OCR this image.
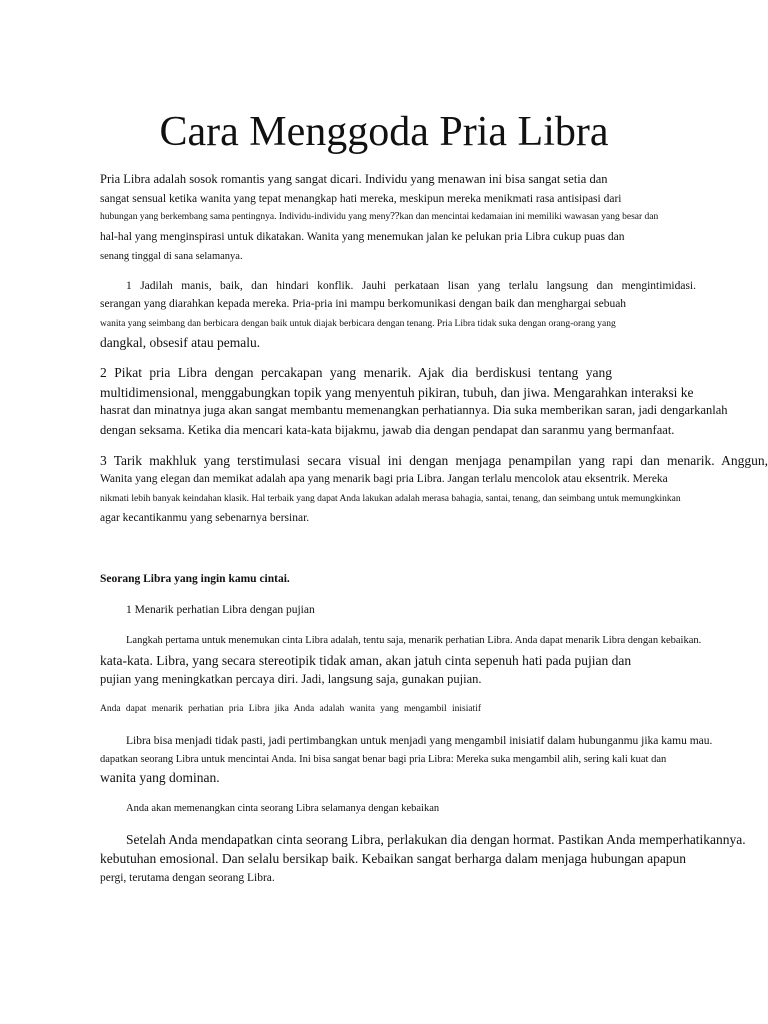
Cara Menggoda Pria Libra
Pria Libra adalah sosok romantis yang sangat dicari. Individu yang menawan ini bisa sangat setia dan
sangat sensual ketika wanita yang tepat menangkap hati mereka, meskipun mereka menikmati rasa antisipasi dari
hubungan yang berkembang sama pentingnya. Individu-individu yang meny⁇kan dan mencintai kedamaian ini memiliki wawasan yang besar dan
hal-hal yang menginspirasi untuk dikatakan. Wanita yang menemukan jalan ke pelukan pria Libra cukup puas dan
senang tinggal di sana selamanya.
1 Jadilah manis, baik, dan hindari konflik. Jauhi perkataan lisan yang terlalu langsung dan mengintimidasi.
serangan yang diarahkan kepada mereka. Pria-pria ini mampu berkomunikasi dengan baik dan menghargai sebuah
wanita yang seimbang dan berbicara dengan baik untuk diajak berbicara dengan tenang. Pria Libra tidak suka dengan orang-orang yang
dangkal, obsesif atau pemalu.
2 Pikat pria Libra dengan percakapan yang menarik. Ajak dia berdiskusi tentang yang
multidimensional, menggabungkan topik yang menyentuh pikiran, tubuh, dan jiwa. Mengarahkan interaksi ke
hasrat dan minatnya juga akan sangat membantu memenangkan perhatiannya. Dia suka memberikan saran, jadi dengarkanlah
dengan seksama. Ketika dia mencari kata-kata bijakmu, jawab dia dengan pendapat dan saranmu yang bermanfaat.
3 Tarik makhluk yang terstimulasi secara visual ini dengan menjaga penampilan yang rapi dan menarik. Anggun,
Wanita yang elegan dan memikat adalah apa yang menarik bagi pria Libra. Jangan terlalu mencolok atau eksentrik. Mereka
nikmati lebih banyak keindahan klasik. Hal terbaik yang dapat Anda lakukan adalah merasa bahagia, santai, tenang, dan seimbang untuk memungkinkan
agar kecantikanmu yang sebenarnya bersinar.
Seorang Libra yang ingin kamu cintai.
1 Menarik perhatian Libra dengan pujian
Langkah pertama untuk menemukan cinta Libra adalah, tentu saja, menarik perhatian Libra. Anda dapat menarik Libra dengan kebaikan.
kata-kata. Libra, yang secara stereotipik tidak aman, akan jatuh cinta sepenuh hati pada pujian dan
pujian yang meningkatkan percaya diri. Jadi, langsung saja, gunakan pujian.
Anda dapat menarik perhatian pria Libra jika Anda adalah wanita yang mengambil inisiatif
Libra bisa menjadi tidak pasti, jadi pertimbangkan untuk menjadi yang mengambil inisiatif dalam hubunganmu jika kamu mau.
dapatkan seorang Libra untuk mencintai Anda. Ini bisa sangat benar bagi pria Libra: Mereka suka mengambil alih, sering kali kuat dan
wanita yang dominan.
Anda akan memenangkan cinta seorang Libra selamanya dengan kebaikan
Setelah Anda mendapatkan cinta seorang Libra, perlakukan dia dengan hormat. Pastikan Anda memperhatikannya.
kebutuhan emosional. Dan selalu bersikap baik. Kebaikan sangat berharga dalam menjaga hubungan apapun
pergi, terutama dengan seorang Libra.
